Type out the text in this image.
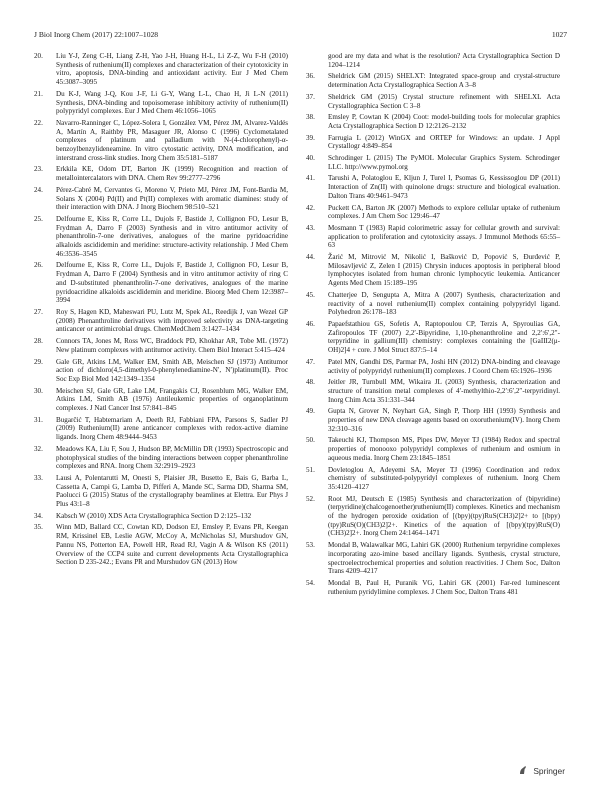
J Biol Inorg Chem (2017) 22:1007–1028	1027
20. Liu Y-J, Zeng C-H, Liang Z-H, Yao J-H, Huang H-L, Li Z-Z, Wu F-H (2010) Synthesis of ruthenium(II) complexes and characterization of their cytotoxicity in vitro, apoptosis, DNA-binding and antioxidant activity. Eur J Med Chem 45:3087–3095
21. Du K-J, Wang J-Q, Kou J-F, Li G-Y, Wang L-L, Chao H, Ji L-N (2011) Synthesis, DNA-binding and topoisomerase inhibitory activity of ruthenium(II) polypyridyl complexes. Eur J Med Chem 46:1056–1065
22. Navarro-Ranninger C, López-Solera I, González VM, Pérez JM, Alvarez-Valdés A, Martín A, Raithby PR, Masaguer JR, Alonso C (1996) Cyclometalated complexes of platinum and palladium with N-(4-chlorophenyl)-α-benzoylbenzylideneamine. In vitro cytostatic activity, DNA modification, and interstrand cross-link studies. Inorg Chem 35:5181–5187
23. Erkkila KE, Odom DT, Barton JK (1999) Recognition and reaction of metallointercalators with DNA. Chem Rev 99:2777–2796
24. Pérez-Cabré M, Cervantes G, Moreno V, Prieto MJ, Pérez JM, Font-Bardia M, Solans X (2004) Pd(II) and Pt(II) complexes with aromatic diamines: study of their interaction with DNA. J Inorg Biochem 98:510–521
25. Delfourne E, Kiss R, Corre LL, Dujols F, Bastide J, Collignon FO, Lesur B, Frydman A, Darro F (2003) Synthesis and in vitro antitumor activity of phenanthrolin-7-one derivatives, analogues of the marine pyridoacridine alkaloids ascididemin and meridine: structure-activity relationship. J Med Chem 46:3536–3545
26. Delfourne E, Kiss R, Corre LL, Dujols F, Bastide J, Collignon FO, Lesur B, Frydman A, Darro F (2004) Synthesis and in vitro antitumor activity of ring C and D-substituted phenanthrolin-7-one derivatives, analogues of the marine pyridoacridine alkaloids ascididemin and meridine. Bioorg Med Chem 12:3987–3994
27. Roy S, Hagen KD, Maheswari PU, Lutz M, Spek AL, Reedijk J, van Wezel GP (2008) Phenanthroline derivatives with improved selectivity as DNA-targeting anticancer or antimicrobial drugs. ChemMedChem 3:1427–1434
28. Connors TA, Jones M, Ross WC, Braddock PD, Khokhar AR, Tobe ML (1972) New platinum complexes with antitumor activity. Chem Biol Interact 5:415–424
29. Gale GR, Atkins LM, Walker EM, Smith AB, Meischen SJ (1973) Antitumor action of dichloro(4,5-dimethyl-0-phenylenediamine-N′, N′)platinum(II). Proc Soc Exp Biol Med 142:1349–1354
30. Meischen SJ, Gale GR, Lake LM, Frangakis CJ, Rosenblum MG, Walker EM, Atkins LM, Smith AB (1976) Antileukemic properties of organoplatinum complexes. J Natl Cancer Inst 57:841–845
31. Bugarčić T, Habtemariam A, Deeth RJ, Fabbiani FPA, Parsons S, Sadler PJ (2009) Ruthenium(II) arene anticancer complexes with redox-active diamine ligands. Inorg Chem 48:9444–9453
32. Meadows KA, Liu F, Sou J, Hudson BP, McMillin DR (1993) Spectroscopic and photophysical studies of the binding interactions between copper phenanthroline complexes and RNA. Inorg Chem 32:2919–2923
33. Lausi A, Polentarutti M, Onesti S, Plaisier JR, Busetto E, Bais G, Barba L, Cassetta A, Campi G, Lamba D, Pifferi A, Mande SC, Sarma DD, Sharma SM, Paolucci G (2015) Status of the crystallography beamlines at Elettra. Eur Phys J Plus 43:1–8
34. Kabsch W (2010) XDS Acta Crystallographica Section D 2:125–132
35. Winn MD, Ballard CC, Cowtan KD, Dodson EJ, Emsley P, Evans PR, Keegan RM, Krissinel EB, Leslie AGW, McCoy A, McNicholas SJ, Murshudov GN, Pannu NS, Potterton EA, Powell HR, Read RJ, Vagin A & Wilson KS (2011) Overview of the CCP4 suite and current developments Acta Crystallographica Section D 235-242.; Evans PR and Murshudov GN (2013) How
good are my data and what is the resolution? Acta Crystallographica Section D 1204–1214
36. Sheldrick GM (2015) SHELXT: Integrated space-group and crystal-structure determination Acta Crystallographica Section A 3–8
37. Sheldrick GM (2015) Crystal structure refinement with SHELXL Acta Crystallographica Section C 3–8
38. Emsley P, Cowtan K (2004) Coot: model-building tools for molecular graphics Acta Crystallographica Section D 12:2126–2132
39. Farrugia L (2012) WinGX and ORTEP for Windows: an update. J Appl Crystallogr 4:849–854
40. Schrodinger L (2015) The PyMOL Molecular Graphics System. Schrodinger LLC. http://www.pymol.org
41. Tarushi A, Polatoglou E, Kljun J, Turel I, Psomas G, Kessissoglou DP (2011) Interaction of Zn(II) with quinolone drugs: structure and biological evaluation. Dalton Trans 40:9461–9473
42. Puckett CA, Barton JK (2007) Methods to explore cellular uptake of ruthenium complexes. J Am Chem Soc 129:46–47
43. Mosmann T (1983) Rapid colorimetric assay for cellular growth and survival: application to proliferation and cytotoxicity assays. J Immunol Methods 65:55–63
44. Žarić M, Mitrović M, Nikolić I, Bašković D, Popović S, Đurđević P, Milosavljević Z, Zelen I (2015) Chrysin induces apoptosis in peripheral blood lymphocytes isolated from human chronic lymphocytic leukemia. Anticancer Agents Med Chem 15:189–195
45. Chatterjee D, Sengupta A, Mitra A (2007) Synthesis, characterization and reactivity of a novel ruthenium(II) complex containing polypyridyl ligand. Polyhedron 26:178–183
46. Papaefstathiou GS, Sofetis A, Raptopoulou CP, Terzis A, Spyroulias GA, Zafiropoulos TF (2007) 2,2′-Bipyridine, 1,10-phenanthroline and 2,2′:6′,2″-terpyridine in gallium(III) chemistry: complexes containing the [GaIII2(μ-OH)2]4 + core. J Mol Struct 837:5–14
47. Patel MN, Gandhi DS, Parmar PA, Joshi HN (2012) DNA-binding and cleavage activity of polypyridyl ruthenium(II) complexes. J Coord Chem 65:1926–1936
48. Jeitler JR, Turnbull MM, Wikaira JL (2003) Synthesis, characterization and structure of transition metal complexes of 4′-methylthio-2,2′:6′,2″-terpyridinyl. Inorg Chim Acta 351:331–344
49. Gupta N, Grover N, Neyhart GA, Singh P, Thorp HH (1993) Synthesis and properties of new DNA cleavage agents based on oxoruthenium(IV). Inorg Chem 32:310–316
50. Takeuchi KJ, Thompson MS, Pipes DW, Meyer TJ (1984) Redox and spectral properties of monooxo polypyridyl complexes of ruthenium and osmium in aqueous media. Inorg Chem 23:1845–1851
51. Dovletoglou A, Adeyemi SA, Meyer TJ (1996) Coordination and redox chemistry of substituted-polypyridyl complexes of ruthenium. Inorg Chem 35:4120–4127
52. Root MJ, Deutsch E (1985) Synthesis and characterization of (bipyridine)(terpyridine)(chalcogenoether)ruthenium(II) complexes. Kinetics and mechanism of the hydrogen peroxide oxidation of [(bpy)(tpy)RuS(CH3)2]2+ to [(bpy)(tpy)RuS(O)(CH3)2]2+. Kinetics of the aquation of [(bpy)(tpy)RuS(O)(CH3)2]2+. Inorg Chem 24:1464–1471
53. Mondal B, Walawalkar MG, Lahiri GK (2000) Ruthenium terpyridine complexes incorporating azo-imine based ancillary ligands. Synthesis, crystal structure, spectroelectrochemical properties and solution reactivities. J Chem Soc, Dalton Trans 4209–4217
54. Mondal B, Paul H, Puranik VG, Lahiri GK (2001) Far-red luminescent ruthenium pyridylimine complexes. J Chem Soc, Dalton Trans 481
Springer
